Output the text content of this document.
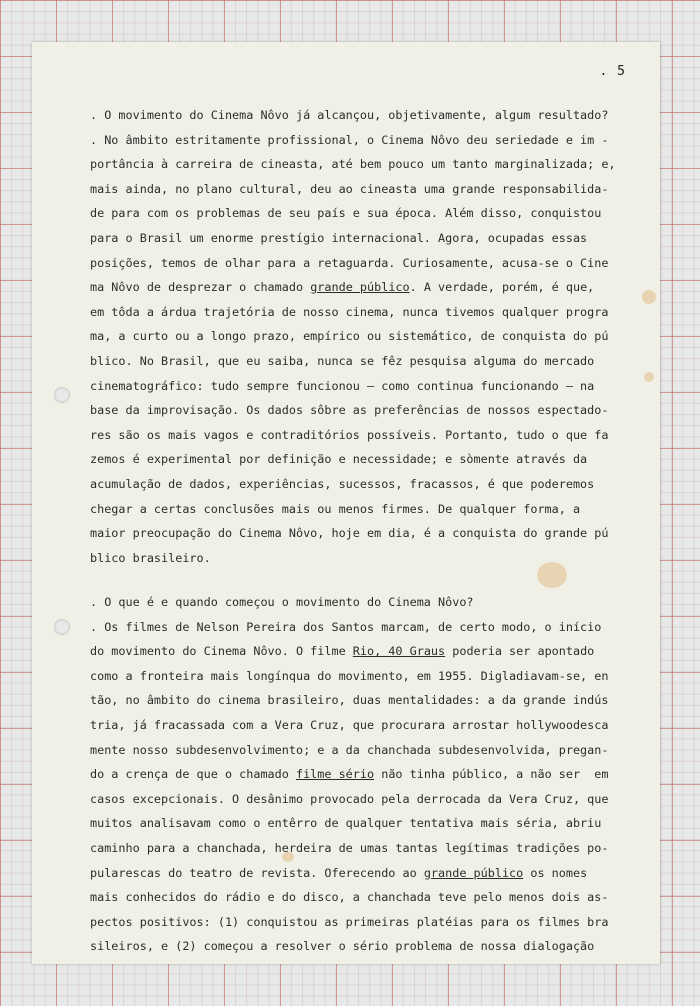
. 5
. O movimento do Cinema Nôvo já alcançou, objetivamente, algum resultado?
. No âmbito estritamente profissional, o Cinema Nôvo deu seriedade e im -
portância à carreira de cineasta, até bem pouco um tanto marginalizada; e,
mais ainda, no plano cultural, deu ao cineasta uma grande responsabilida-
de para com os problemas de seu país e sua época. Além disso, conquistou
para o Brasil um enorme prestígio internacional. Agora, ocupadas essas
posições, temos de olhar para a retaguarda. Curiosamente, acusa-se o Cine
ma Nôvo de desprezar o chamado grande público. A verdade, porém, é que,
em tôda a árdua trajetória de nosso cinema, nunca tivemos qualquer progra
ma, a curto ou a longo prazo, empírico ou sistemático, de conquista do pú
blico. No Brasil, que eu saiba, nunca se fêz pesquisa alguma do mercado
cinematográfico: tudo sempre funcionou — como continua funcionando — na
base da improvisação. Os dados sôbre as preferências de nossos espectado-
res são os mais vagos e contraditórios possíveis. Portanto, tudo o que fa
zemos é experimental por definição e necessidade; e sòmente através da
acumulação de dados, experiências, sucessos, fracassos, é que poderemos
chegar a certas conclusões mais ou menos firmes. De qualquer forma, a
maior preocupação do Cinema Nôvo, hoje em dia, é a conquista do grande pú
blico brasileiro.
. O que é e quando começou o movimento do Cinema Nôvo?
. Os filmes de Nelson Pereira dos Santos marcam, de certo modo, o início
do movimento do Cinema Nôvo. O filme Rio, 40 Graus poderia ser apontado
como a fronteira mais longínqua do movimento, em 1955. Digladiavam-se, en
tão, no âmbito do cinema brasileiro, duas mentalidades: a da grande indús
tria, já fracassada com a Vera Cruz, que procurara arrostar hollywoodesca
mente nosso subdesenvolvimento; e a da chanchada subdesenvolvida, pregan-
do a crença de que o chamado filme sério não tinha público, a não ser  em
casos excepcionais. O desânimo provocado pela derrocada da Vera Cruz, que
muitos analisavam como o entêrro de qualquer tentativa mais séria, abriu
caminho para a chanchada, herdeira de umas tantas legítimas tradições po-
pularescas do teatro de revista. Oferecendo ao grande público os nomes
mais conhecidos do rádio e do disco, a chanchada teve pelo menos dois as-
pectos positivos: (1) conquistou as primeiras platéias para os filmes bra
sileiros, e (2) começou a resolver o sério problema de nossa dialogação
